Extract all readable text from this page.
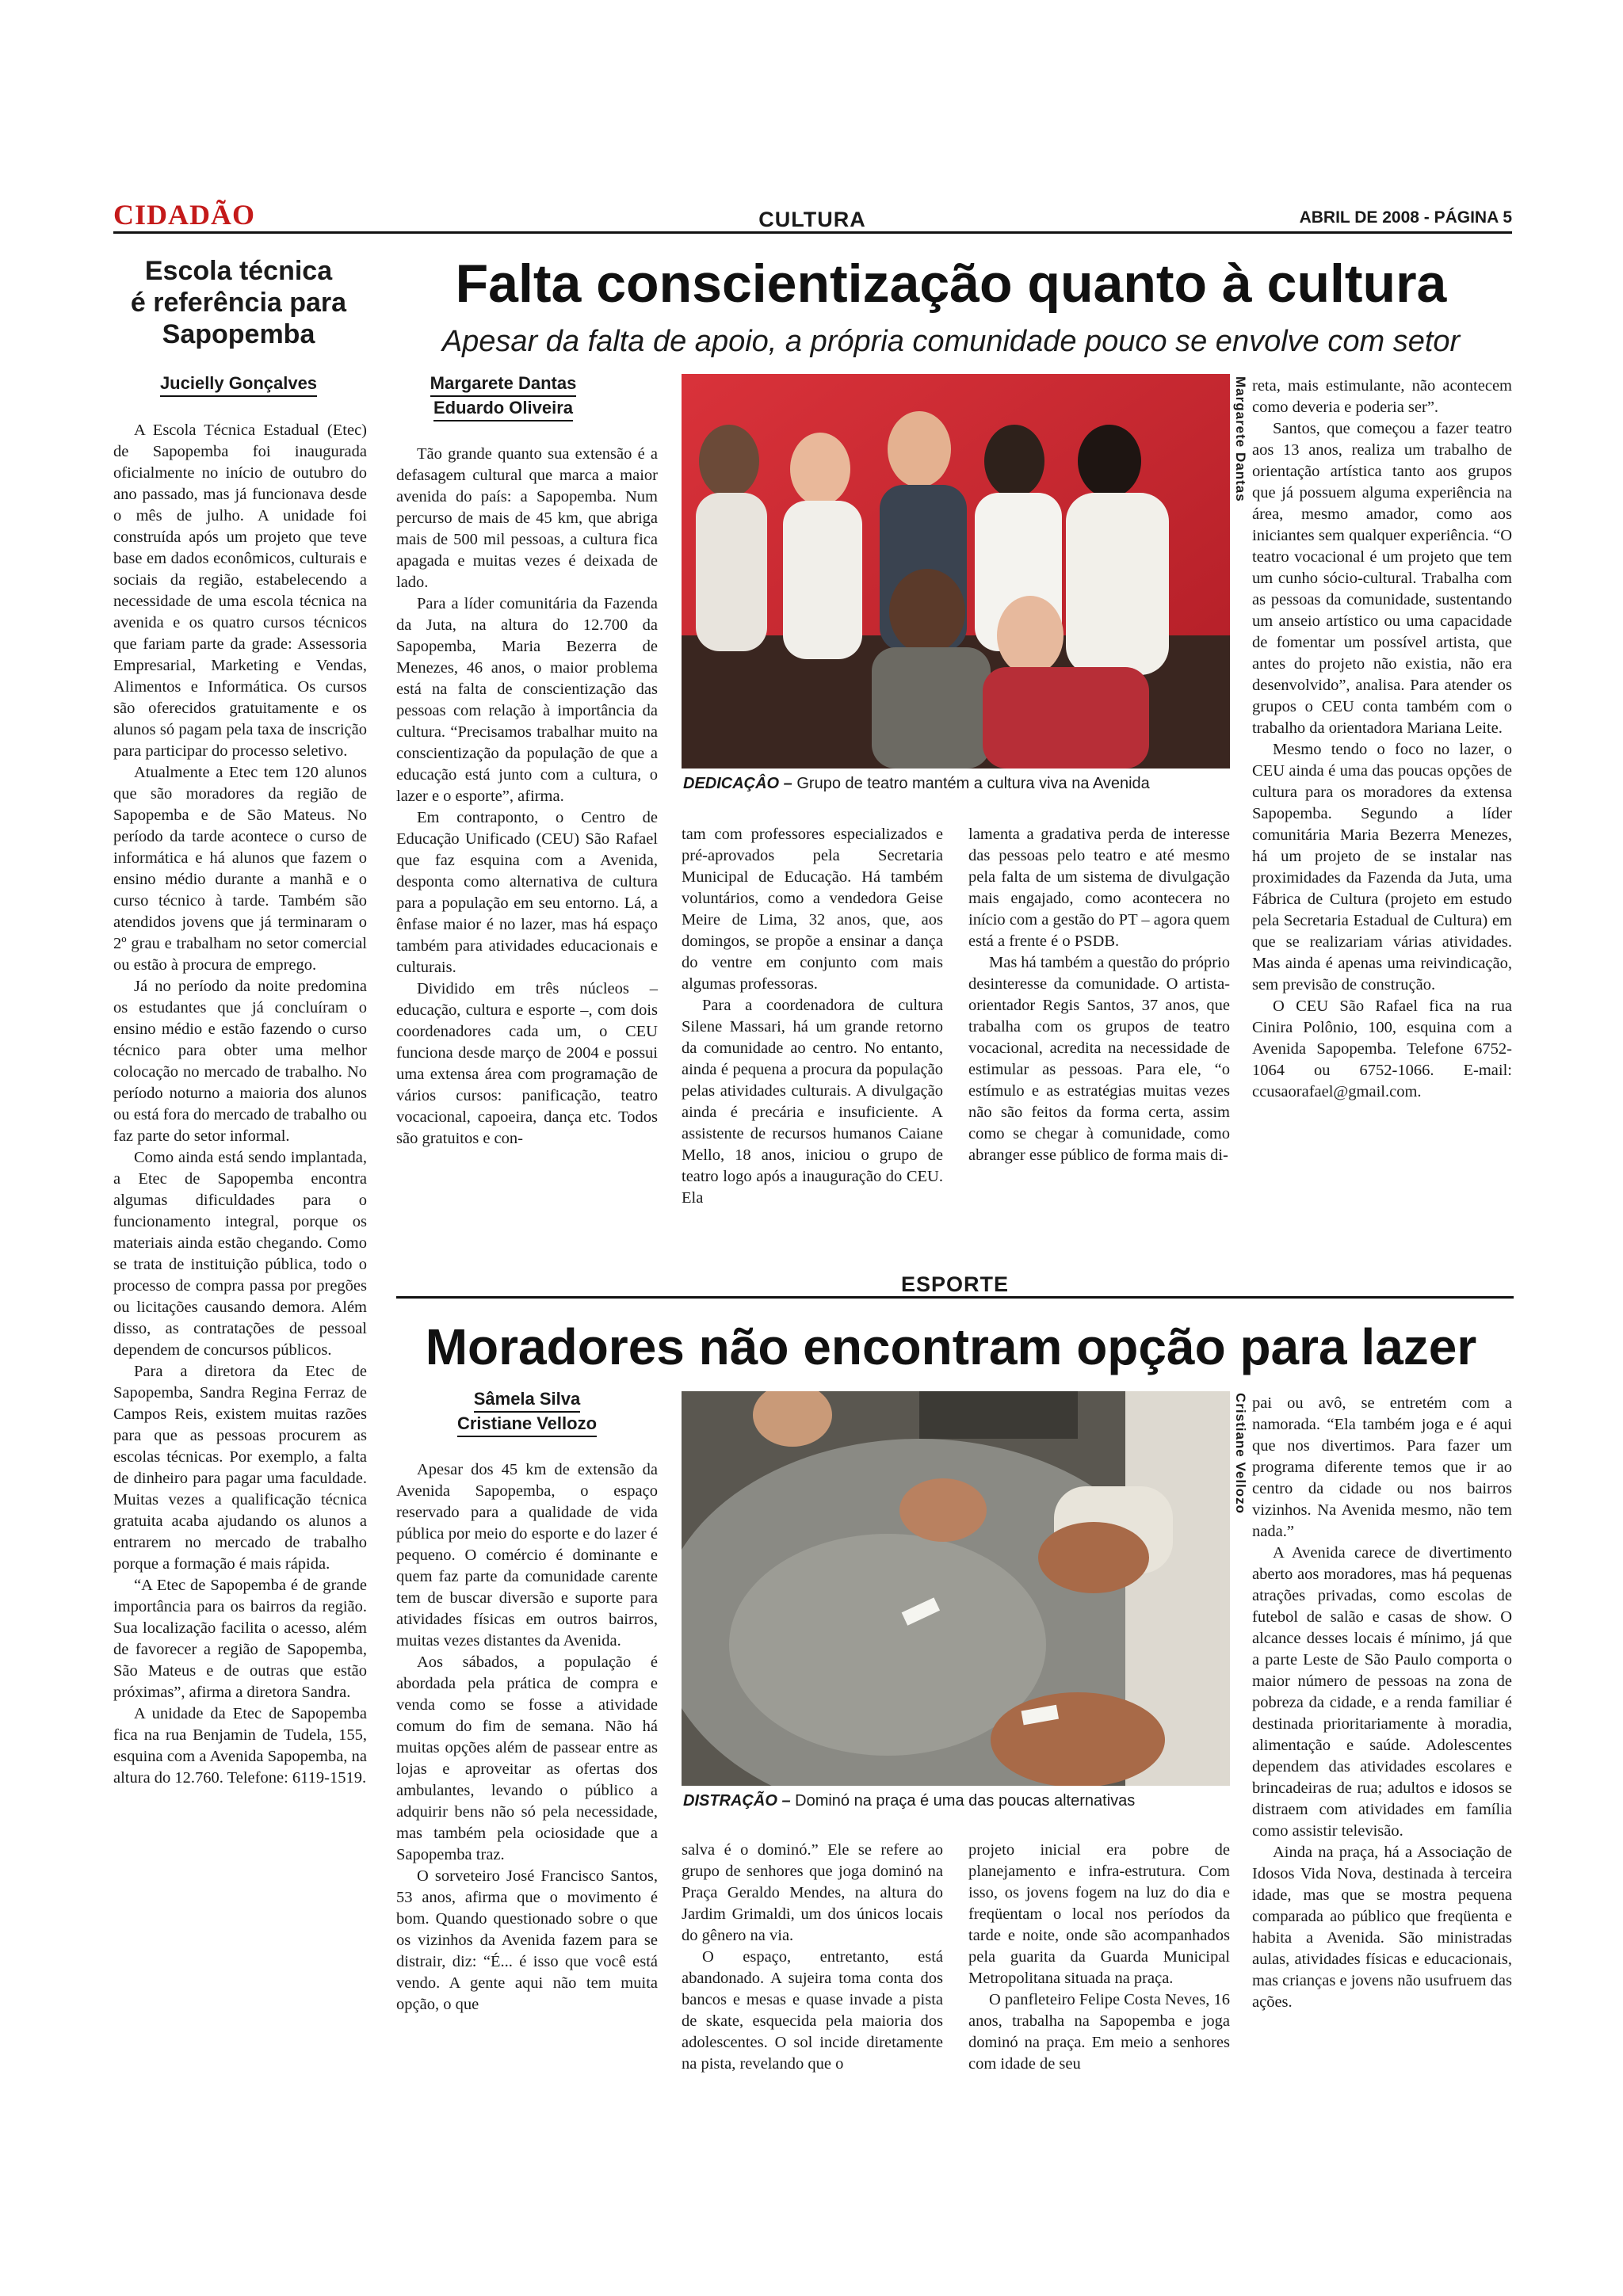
CIDADÃO	CULTURA	ABRIL DE 2008 - PÁGINA 5
Escola técnica
é referência para
Sapopemba
Jucielly Gonçalves

A Escola Técnica Estadual (Etec) de Sapopemba foi inaugurada oficialmente no início de outubro do ano passado, mas já funcionava desde o mês de julho. A unidade foi construída após um projeto que teve base em dados econômicos, culturais e sociais da região, estabelecendo a necessidade de uma escola técnica na avenida e os quatro cursos técnicos que fariam parte da grade: Assessoria Empresarial, Marketing e Vendas, Alimentos e Informática. Os cursos são oferecidos gratuitamente e os alunos só pagam pela taxa de inscrição para participar do processo seletivo.

Atualmente a Etec tem 120 alunos que são moradores da região de Sapopemba e de São Mateus. No período da tarde acontece o curso de informática e há alunos que fazem o ensino médio durante a manhã e o curso técnico à tarde. Também são atendidos jovens que já terminaram o 2º grau e trabalham no setor comercial ou estão à procura de emprego.

Já no período da noite predomina os estudantes que já concluíram o ensino médio e estão fazendo o curso técnico para obter uma melhor colocação no mercado de trabalho. No período noturno a maioria dos alunos ou está fora do mercado de trabalho ou faz parte do setor informal.

Como ainda está sendo implantada, a Etec de Sapopemba encontra algumas dificuldades para o funcionamento integral, porque os materiais ainda estão chegando. Como se trata de instituição pública, todo o processo de compra passa por pregões ou licitações causando demora. Além disso, as contratações de pessoal dependem de concursos públicos.

Para a diretora da Etec de Sapopemba, Sandra Regina Ferraz de Campos Reis, existem muitas razões para que as pessoas procurem as escolas técnicas. Por exemplo, a falta de dinheiro para pagar uma faculdade. Muitas vezes a qualificação técnica gratuita acaba ajudando os alunos a entrarem no mercado de trabalho porque a formação é mais rápida.

“A Etec de Sapopemba é de grande importância para os bairros da região. Sua localização facilita o acesso, além de favorecer a região de Sapopemba, São Mateus e de outras que estão próximas”, afirma a diretora Sandra.

A unidade da Etec de Sapopemba fica na rua Benjamin de Tudela, 155, esquina com a Avenida Sapopemba, na altura do 12.760. Telefone: 6119-1519.

Falta conscientização quanto à cultura
Apesar da falta de apoio, a própria comunidade pouco se envolve com setor
Margarete Dantas
Eduardo Oliveira	Margarete Dantas
DEDICAÇÂO – Grupo de teatro mantém a cultura viva na Avenida

Tão grande quanto sua extensão é a defasagem cultural que marca a maior avenida do país: a Sapopemba. Num percurso de mais de 45 km, que abriga mais de 500 mil pessoas, a cultura fica apagada e muitas vezes é deixada de lado.

Para a líder comunitária da Fazenda da Juta, na altura do 12.700 da Sapopemba, Maria Bezerra de Menezes, 46 anos, o maior problema está na falta de conscientização das pessoas com relação à importância da cultura. “Precisamos trabalhar muito na conscientização da população de que a educação está junto com a cultura, o lazer e o esporte”, afirma.

Em contraponto, o Centro de Educação Unificado (CEU) São Rafael que faz esquina com a Avenida, desponta como alternativa de cultura para a população em seu entorno. Lá, a ênfase maior é no lazer, mas há espaço também para atividades educacionais e culturais.

Dividido em três núcleos – educação, cultura e esporte –, com dois coordenadores cada um, o CEU funciona desde março de 2004 e possui uma extensa área com programação de vários cursos: panificação, teatro vocacional, capoeira, dança etc. Todos são gratuitos e con-

tam com professores especializados e pré-aprovados pela Secretaria Municipal de Educação. Há também voluntários, como a vendedora Geise Meire de Lima, 32 anos, que, aos domingos, se propõe a ensinar a dança do ventre em conjunto com mais algumas professoras.

Para a coordenadora de cultura Silene Massari, há um grande retorno da comunidade ao centro. No entanto, ainda é pequena a procura da população pelas atividades culturais. A divulgação ainda é precária e insuficiente. A assistente de recursos humanos Caiane Mello, 18 anos, iniciou o grupo de teatro logo após a inauguração do CEU. Ela

lamenta a gradativa perda de interesse das pessoas pelo teatro e até mesmo pela falta de um sistema de divulgação mais engajado, como acontecera no início com a gestão do PT – agora quem está a frente é o PSDB.

Mas há também a questão do próprio desinteresse da comunidade. O artista-orientador Regis Santos, 37 anos, que trabalha com os grupos de teatro vocacional, acredita na necessidade de estimular as pessoas. Para ele, “o estímulo e as estratégias muitas vezes não são feitos da forma certa, assim como se chegar à comunidade, como abranger esse público de forma mais di-

reta, mais estimulante, não acontecem como deveria e poderia ser”.

Santos, que começou a fazer teatro aos 13 anos, realiza um trabalho de orientação artística tanto aos grupos que já possuem alguma experiência na área, mesmo amador, como aos iniciantes sem qualquer experiência. “O teatro vocacional é um projeto que tem um cunho sócio-cultural. Trabalha com as pessoas da comunidade, sustentando um anseio artístico ou uma capacidade de fomentar um possível artista, que antes do projeto não existia, não era desenvolvido”, analisa. Para atender os grupos o CEU conta também com o trabalho da orientadora Mariana Leite.

Mesmo tendo o foco no lazer, o CEU ainda é uma das poucas opções de cultura para os moradores da extensa Sapopemba. Segundo a líder comunitária Maria Bezerra Menezes, há um projeto de se instalar nas proximidades da Fazenda da Juta, uma Fábrica de Cultura (projeto em estudo pela Secretaria Estadual de Cultura) em que se realizariam várias atividades. Mas ainda é apenas uma reivindicação, sem previsão de construção.

O CEU São Rafael fica na rua Cinira Polônio, 100, esquina com a Avenida Sapopemba. Telefone 6752-1064 ou 6752-1066. E-mail: ccusaorafael@gmail.com.

ESPORTE
Moradores não encontram opção para lazer
Sâmela Silva
Cristiane Vellozo	Cristiane Vellozo
DISTRAÇÃO – Dominó na praça é uma das poucas alternativas

Apesar dos 45 km de extensão da Avenida Sapopemba, o espaço reservado para a qualidade de vida pública por meio do esporte e do lazer é pequeno. O comércio é dominante e quem faz parte da comunidade carente tem de buscar diversão e suporte para atividades físicas em outros bairros, muitas vezes distantes da Avenida.

Aos sábados, a população é abordada pela prática de compra e venda como se fosse a atividade comum do fim de semana. Não há muitas opções além de passear entre as lojas e aproveitar as ofertas dos ambulantes, levando o público a adquirir bens não só pela necessidade, mas também pela ociosidade que a Sapopemba traz.

O sorveteiro José Francisco Santos, 53 anos, afirma que o movimento é bom. Quando questionado sobre o que os vizinhos da Avenida fazem para se distrair, diz: “É... é isso que você está vendo. A gente aqui não tem muita opção, o que

salva é o dominó.” Ele se refere ao grupo de senhores que joga dominó na Praça Geraldo Mendes, na altura do Jardim Grimaldi, um dos únicos locais do gênero na via.

O espaço, entretanto, está abandonado. A sujeira toma conta dos bancos e mesas e quase invade a pista de skate, esquecida pela maioria dos adolescentes. O sol incide diretamente na pista, revelando que o

projeto inicial era pobre de planejamento e infra-estrutura. Com isso, os jovens fogem na luz do dia e freqüentam o local nos períodos da tarde e noite, onde são acompanhados pela guarita da Guarda Municipal Metropolitana situada na praça.

O panfleteiro Felipe Costa Neves, 16 anos, trabalha na Sapopemba e joga dominó na praça. Em meio a senhores com idade de seu

pai ou avô, se entretém com a namorada. “Ela também joga e é aqui que nos divertimos. Para fazer um programa diferente temos que ir ao centro da cidade ou nos bairros vizinhos. Na Avenida mesmo, não tem nada.”

A Avenida carece de divertimento aberto aos moradores, mas há pequenas atrações privadas, como escolas de futebol de salão e casas de show. O alcance desses locais é mínimo, já que a parte Leste de São Paulo comporta o maior número de pessoas na zona de pobreza da cidade, e a renda familiar é destinada prioritariamente à moradia, alimentação e saúde. Adolescentes dependem das atividades escolares e brincadeiras de rua; adultos e idosos se distraem com atividades em família como assistir televisão.

Ainda na praça, há a Associação de Idosos Vida Nova, destinada à terceira idade, mas que se mostra pequena comparada ao público que freqüenta e habita a Avenida. São ministradas aulas, atividades físicas e educacionais, mas crianças e jovens não usufruem das ações.
